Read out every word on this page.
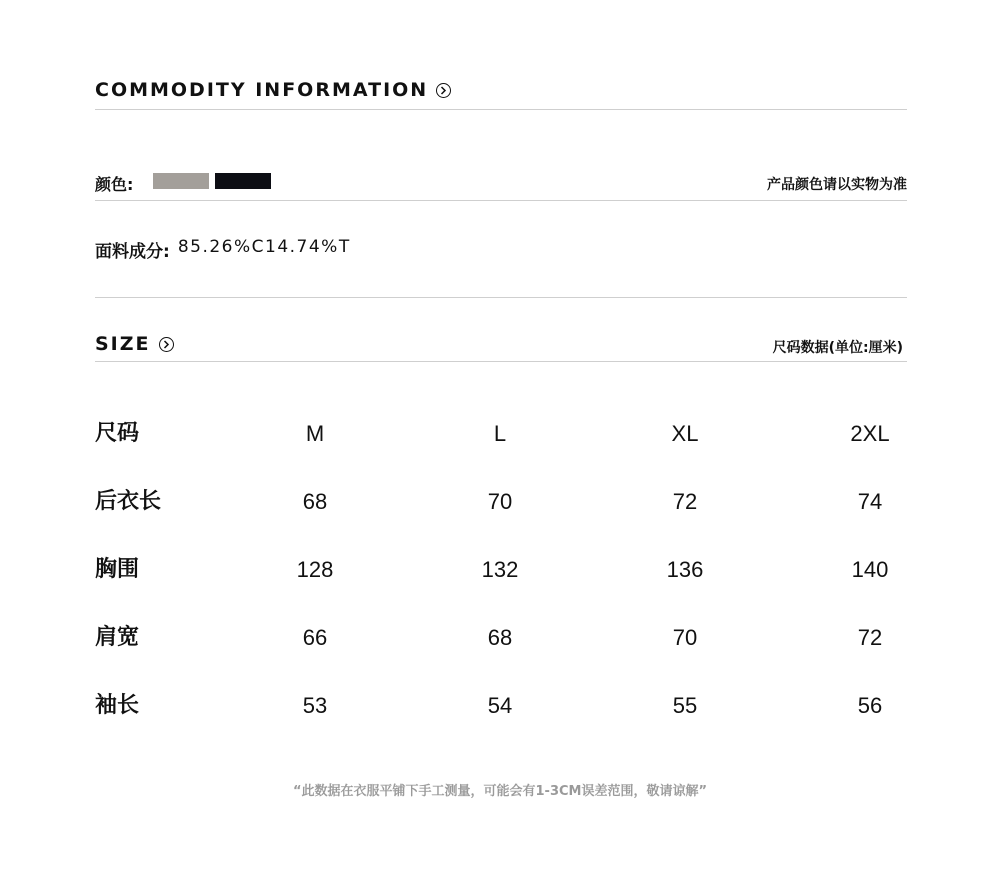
COMMODITY INFORMATION
颜色:	产品颜色请以实物为准
面料成分: 85.26%C14.74%T
SIZE	尺码数据(单位:厘米)
尺码	M	L	XL	2XL
后衣长	68	70	72	74
胸围	128	132	136	140
肩宽	66	68	70	72
袖长	53	54	55	56
“此数据在衣服平铺下手工测量，可能会有1-3CM误差范围，敬请谅解”
